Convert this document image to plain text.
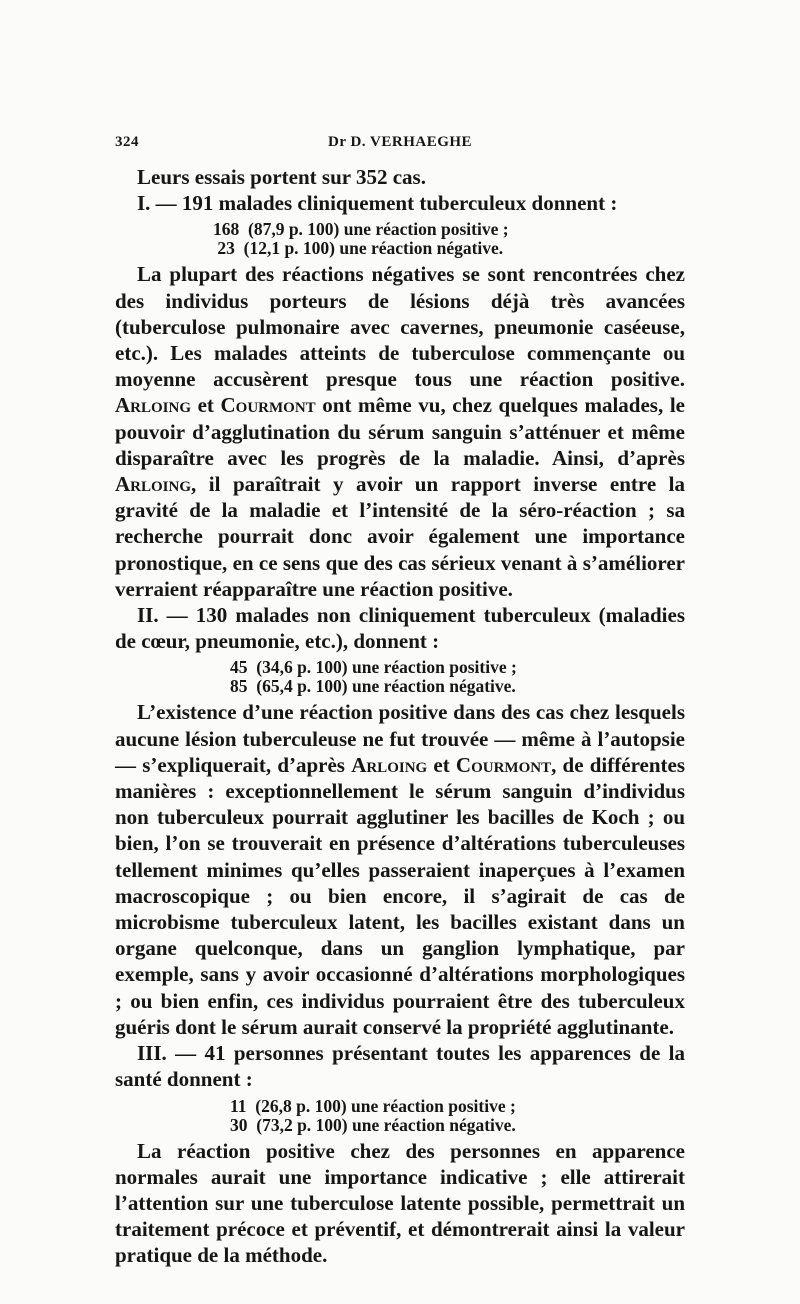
324	Dr D. VERHAEGHE

Leurs essais portent sur 352 cas.

I. — 191 malades cliniquement tuberculeux donnent :

168  (87,9 p. 100) une réaction positive ;
23  (12,1 p. 100) une réaction négative.

La plupart des réactions négatives se sont rencontrées chez des individus porteurs de lésions déjà très avancées (tuberculose pulmonaire avec cavernes, pneumonie caséeuse, etc.). Les malades atteints de tuberculose commençante ou moyenne accusèrent presque tous une réaction positive. Arloing et Courmont ont même vu, chez quelques malades, le pouvoir d’agglutination du sérum sanguin s’atténuer et même disparaître avec les progrès de la maladie. Ainsi, d’après Arloing, il paraîtrait y avoir un rapport inverse entre la gravité de la maladie et l’intensité de la séro-réaction ; sa recherche pourrait donc avoir également une importance pronostique, en ce sens que des cas sérieux venant à s’améliorer verraient réapparaître une réaction positive.

II. — 130 malades non cliniquement tuberculeux (maladies de cœur, pneumonie, etc.), donnent :

45  (34,6 p. 100) une réaction positive ;
85  (65,4 p. 100) une réaction négative.

L’existence d’une réaction positive dans des cas chez lesquels aucune lésion tuberculeuse ne fut trouvée — même à l’autopsie — s’expliquerait, d’après Arloing et Courmont, de différentes manières : exceptionnellement le sérum sanguin d’individus non tuberculeux pourrait agglutiner les bacilles de Koch ; ou bien, l’on se trouverait en présence d’altérations tuberculeuses tellement minimes qu’elles passeraient inaperçues à l’examen macroscopique ; ou bien encore, il s’agirait de cas de microbisme tuberculeux latent, les bacilles existant dans un organe quelconque, dans un ganglion lymphatique, par exemple, sans y avoir occasionné d’altérations morphologiques ; ou bien enfin, ces individus pourraient être des tuberculeux guéris dont le sérum aurait conservé la propriété agglutinante.

III. — 41 personnes présentant toutes les apparences de la santé donnent :

11  (26,8 p. 100) une réaction positive ;
30  (73,2 p. 100) une réaction négative.

La réaction positive chez des personnes en apparence normales aurait une importance indicative ; elle attirerait l’attention sur une tuberculose latente possible, permettrait un traitement précoce et préventif, et démontrerait ainsi la valeur pratique de la méthode.
